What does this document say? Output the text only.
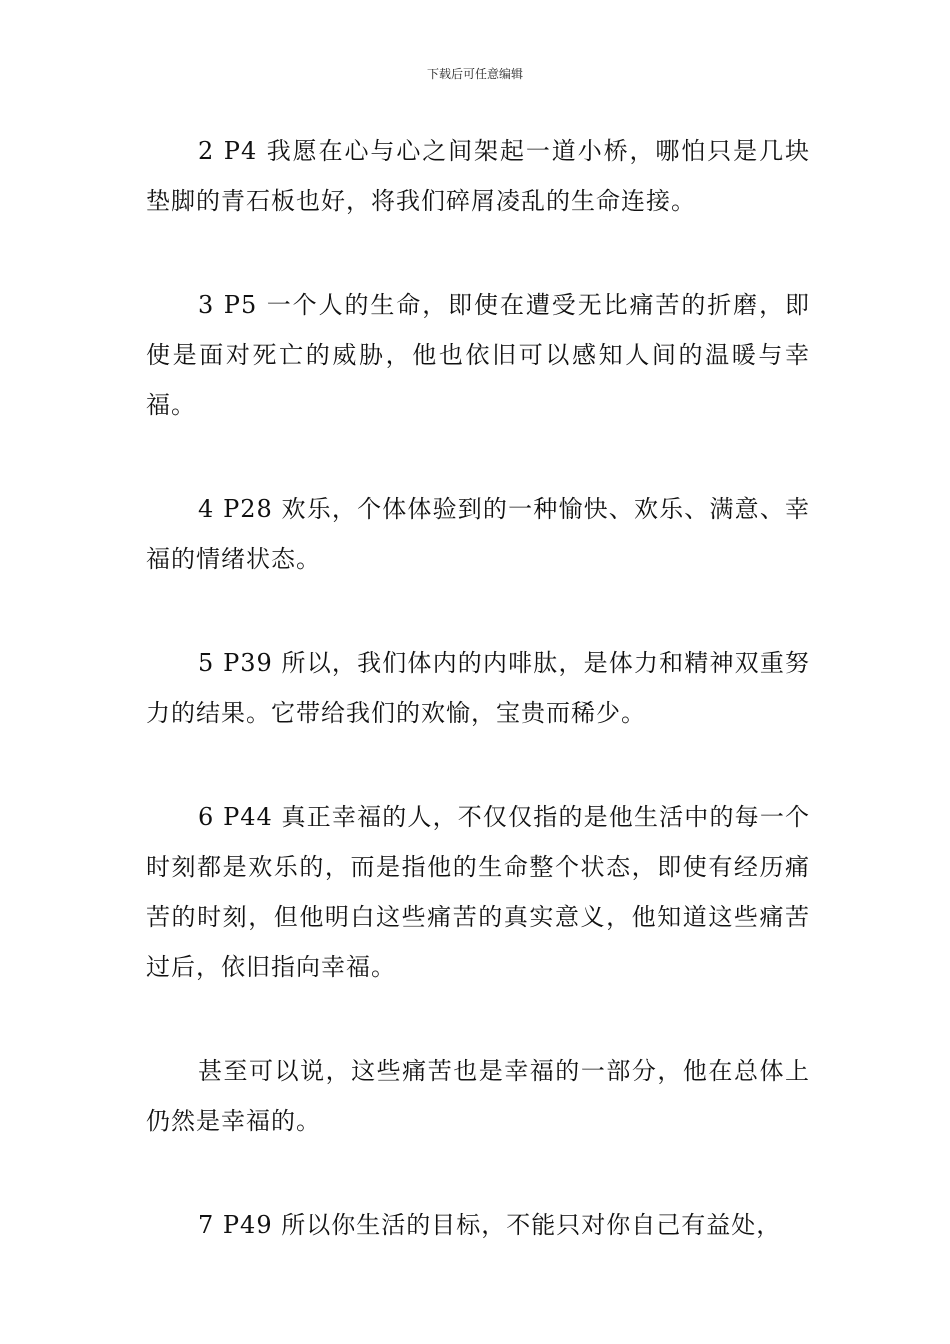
下载后可任意编辑

2 P4 我愿在心与心之间架起一道小桥，哪怕只是几块垫脚的青石板也好，将我们碎屑凌乱的生命连接。

3 P5 一个人的生命，即使在遭受无比痛苦的折磨，即使是面对死亡的威胁，他也依旧可以感知人间的温暖与幸福。

4 P28 欢乐，个体体验到的一种愉快、欢乐、满意、幸福的情绪状态。

5 P39 所以，我们体内的内啡肽，是体力和精神双重努力的结果。它带给我们的欢愉，宝贵而稀少。

6 P44 真正幸福的人，不仅仅指的是他生活中的每一个时刻都是欢乐的，而是指他的生命整个状态，即使有经历痛苦的时刻，但他明白这些痛苦的真实意义，他知道这些痛苦过后，依旧指向幸福。

甚至可以说，这些痛苦也是幸福的一部分，他在总体上仍然是幸福的。

7 P49 所以你生活的目标，不能只对你自己有益处，
